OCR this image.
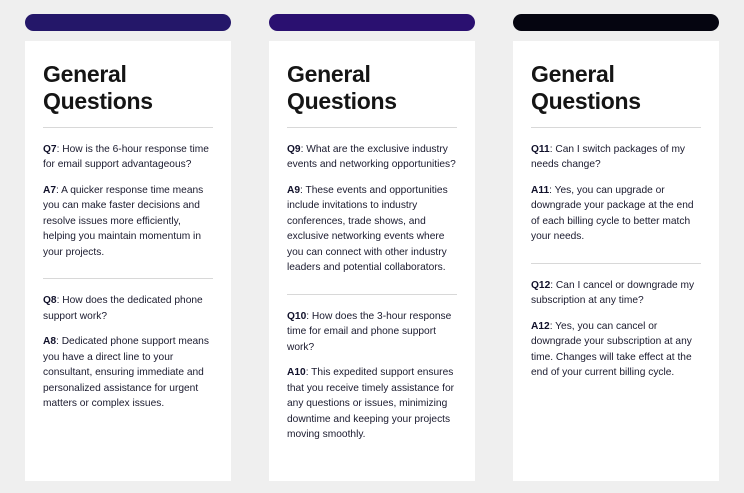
General Questions

Q7: How is the 6-hour response time for email support advantageous?

A7: A quicker response time means you can make faster decisions and resolve issues more efficiently, helping you maintain momentum in your projects.

Q8: How does the dedicated phone support work?

A8: Dedicated phone support means you have a direct line to your consultant, ensuring immediate and personalized assistance for urgent matters or complex issues.

General Questions

Q9: What are the exclusive industry events and networking opportunities?

A9: These events and opportunities include invitations to industry conferences, trade shows, and exclusive networking events where you can connect with other industry leaders and potential collaborators.

Q10: How does the 3-hour response time for email and phone support work?

A10: This expedited support ensures that you receive timely assistance for any questions or issues, minimizing downtime and keeping your projects moving smoothly.

General Questions

Q11: Can I switch packages of my needs change?

A11: Yes, you can upgrade or downgrade your package at the end of each billing cycle to better match your needs.

Q12: Can I cancel or downgrade my subscription at any time?

A12: Yes, you can cancel or downgrade your subscription at any time. Changes will take effect at the end of your current billing cycle.
